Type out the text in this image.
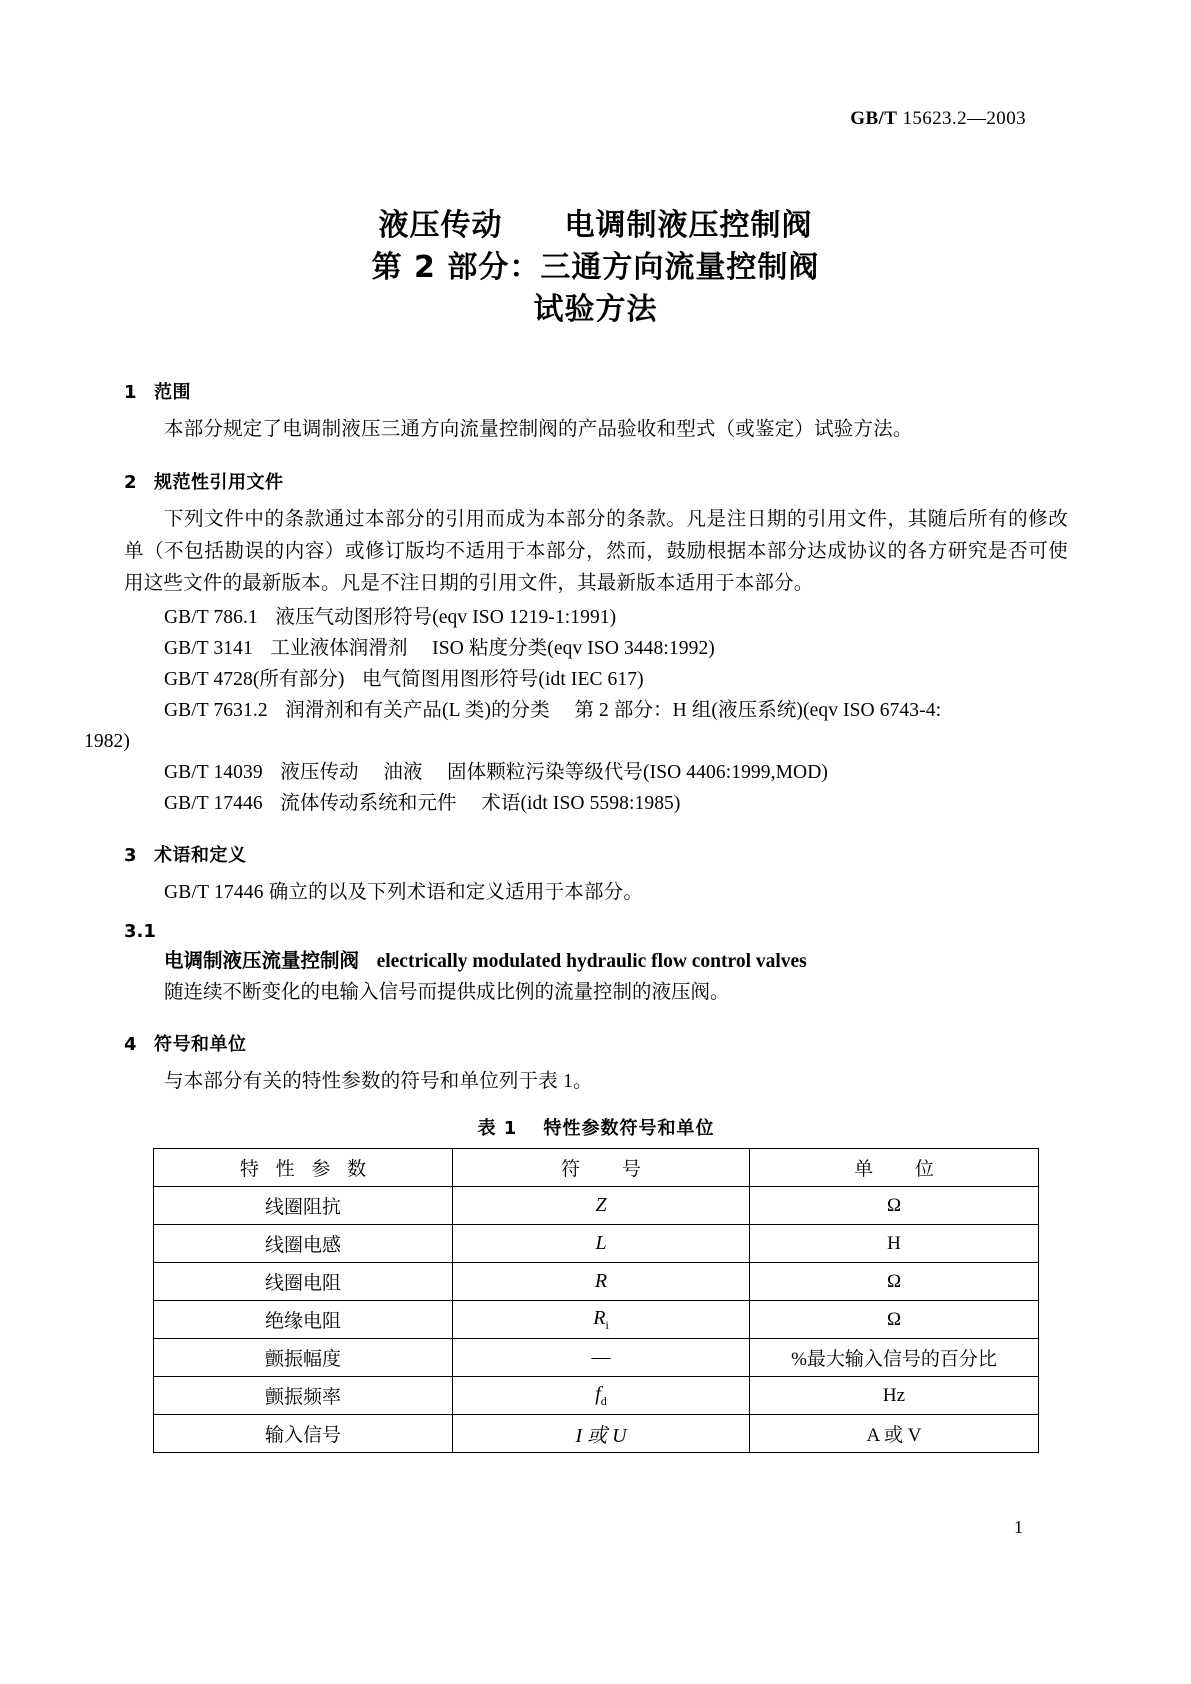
GB/T 15623.2—2003
液压传动　　电调制液压控制阀
第 2 部分：三通方向流量控制阀
试验方法
1 范围

本部分规定了电调制液压三通方向流量控制阀的产品验收和型式（或鉴定）试验方法。

2 规范性引用文件

下列文件中的条款通过本部分的引用而成为本部分的条款。凡是注日期的引用文件，其随后所有的修改单（不包括勘误的内容）或修订版均不适用于本部分，然而，鼓励根据本部分达成协议的各方研究是否可使用这些文件的最新版本。凡是不注日期的引用文件，其最新版本适用于本部分。

GB/T 786.1 液压气动图形符号(eqv ISO 1219-1:1991)

GB/T 3141 工业液体润滑剂　 ISO 粘度分类(eqv ISO 3448:1992)

GB/T 4728(所有部分) 电气简图用图形符号(idt IEC 617)

GB/T 7631.2 润滑剂和有关产品(L 类)的分类　 第 2 部分：H 组(液压系统)(eqv ISO 6743-4:
1982)

GB/T 14039 液压传动　 油液　 固体颗粒污染等级代号(ISO 4406:1999,MOD)

GB/T 17446 流体传动系统和元件　 术语(idt ISO 5598:1985)

3 术语和定义

GB/T 17446 确立的以及下列术语和定义适用于本部分。

3.1

电调制液压流量控制阀 electrically modulated hydraulic flow control valves

随连续不断变化的电输入信号而提供成比例的流量控制的液压阀。

4 符号和单位

与本部分有关的特性参数的符号和单位列于表 1。

表 1　 特性参数符号和单位
特 性 参 数	符　 号	单　 位
线圈阻抗	Z	Ω
线圈电感	L	H
线圈电阻	R	Ω
绝缘电阻	$R_i$	Ω
颤振幅度	—	%最大输入信号的百分比
颤振频率	$f_d$	Hz
输入信号	I 或 U	A 或 V
1
